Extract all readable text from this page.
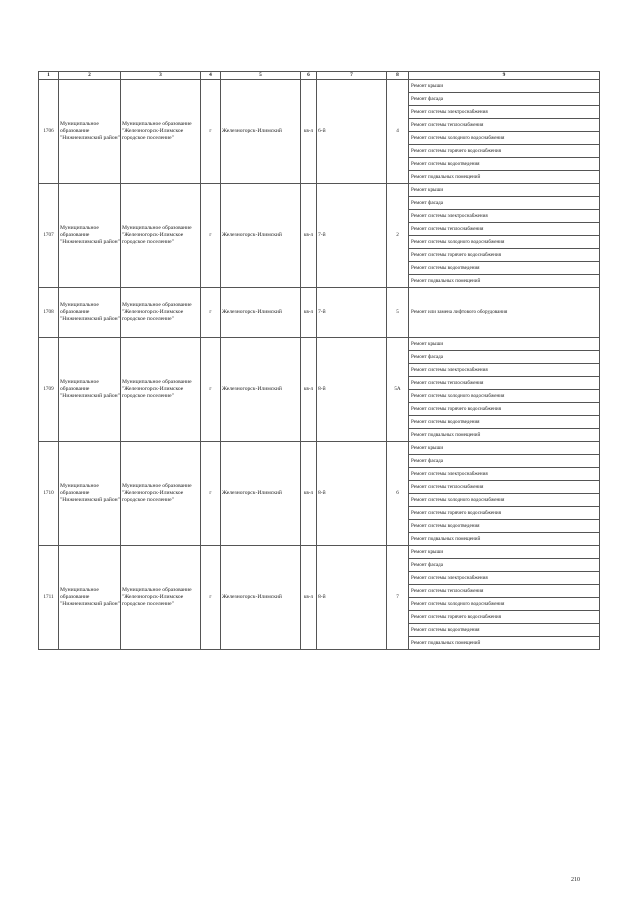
1	2	3	4	5	6	7	8	9
1706	Муниципальное образование "Нижнеилимский район"	Муниципальное образование "Железногорск-Илимское городское поселение"	г	Железногорск-Илимский	кв-л	6-й	4	Ремонт крыши
								Ремонт фасада
								Ремонт системы электроснабжения
								Ремонт системы теплоснабжения
								Ремонт системы холодного водоснабжения
								Ремонт системы горячего водоснабжения
								Ремонт системы водоотведения
								Ремонт подвальных помещений
1707	Муниципальное образование "Нижнеилимский район"	Муниципальное образование "Железногорск-Илимское городское поселение"	г	Железногорск-Илимский	кв-л	7-й	2	Ремонт крыши
								Ремонт фасада
								Ремонт системы электроснабжения
								Ремонт системы теплоснабжения
								Ремонт системы холодного водоснабжения
								Ремонт системы горячего водоснабжения
								Ремонт системы водоотведения
								Ремонт подвальных помещений
1708	Муниципальное образование "Нижнеилимский район"	Муниципальное образование "Железногорск-Илимское городское поселение"	г	Железногорск-Илимский	кв-л	7-й	5	Ремонт или замена лифтового оборудования
1709	Муниципальное образование "Нижнеилимский район"	Муниципальное образование "Железногорск-Илимское городское поселение"	г	Железногорск-Илимский	кв-л	8-й	5А	Ремонт крыши
								Ремонт фасада
								Ремонт системы электроснабжения
								Ремонт системы теплоснабжения
								Ремонт системы холодного водоснабжения
								Ремонт системы горячего водоснабжения
								Ремонт системы водоотведения
								Ремонт подвальных помещений
1710	Муниципальное образование "Нижнеилимский район"	Муниципальное образование "Железногорск-Илимское городское поселение"	г	Железногорск-Илимский	кв-л	8-й	6	Ремонт крыши
								Ремонт фасада
								Ремонт системы электроснабжения
								Ремонт системы теплоснабжения
								Ремонт системы холодного водоснабжения
								Ремонт системы горячего водоснабжения
								Ремонт системы водоотведения
								Ремонт подвальных помещений
1711	Муниципальное образование "Нижнеилимский район"	Муниципальное образование "Железногорск-Илимское городское поселение"	г	Железногорск-Илимский	кв-л	8-й	7	Ремонт крыши
								Ремонт фасада
								Ремонт системы электроснабжения
								Ремонт системы теплоснабжения
								Ремонт системы холодного водоснабжения
								Ремонт системы горячего водоснабжения
								Ремонт системы водоотведения
								Ремонт подвальных помещений
210
